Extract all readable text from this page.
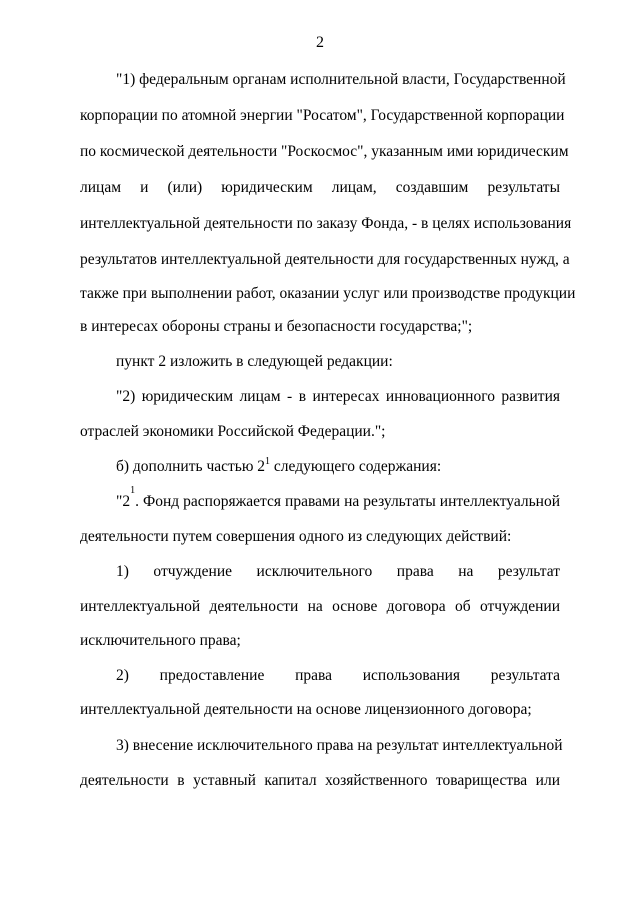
2
"1) федеральным органам исполнительной власти, Государственной
корпорации по атомной энергии "Росатом", Государственной корпорации
по космической деятельности "Роскосмос", указанным ими юридическим
лицам и (или) юридическим лицам, создавшим результаты
интеллектуальной деятельности по заказу Фонда, - в целях использования
результатов интеллектуальной деятельности для государственных нужд, а
также при выполнении работ, оказании услуг или производстве продукции
в интересах обороны страны и безопасности государства;";
пункт 2 изложить в следующей редакции:
"2) юридическим лицам - в интересах инновационного развития
отраслей экономики Российской Федерации.";
б) дополнить частью $2^1$ следующего содержания:
"2
$^1$
. Фонд распоряжается правами на результаты интеллектуальной
деятельности путем совершения одного из следующих действий:
1) отчуждение исключительного права на результат
интеллектуальной деятельности на основе договора об отчуждении
исключительного права;
2) предоставление права использования результата
интеллектуальной деятельности на основе лицензионного договора;
3) внесение исключительного права на результат интеллектуальной
деятельности в уставный капитал хозяйственного товарищества или
